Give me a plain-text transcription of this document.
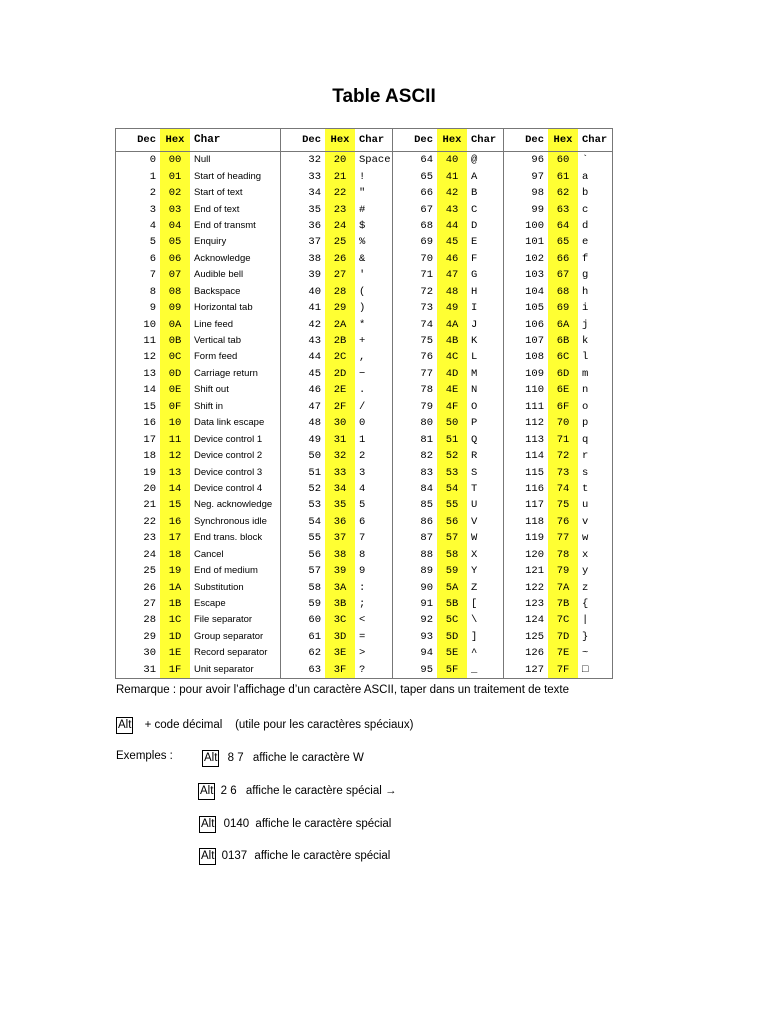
Table ASCII
Dec	Hex	Char
0	00	Null
1	01	Start of heading
2	02	Start of text
3	03	End of text
4	04	End of transmt
5	05	Enquiry
6	06	Acknowledge
7	07	Audible bell
8	08	Backspace
9	09	Horizontal tab
10	0A	Line feed
11	0B	Vertical tab
12	0C	Form feed
13	0D	Carriage return
14	0E	Shift out
15	0F	Shift in
16	10	Data link escape
17	11	Device control 1
18	12	Device control 2
19	13	Device control 3
20	14	Device control 4
21	15	Neg. acknowledge
22	16	Synchronous idle
23	17	End trans. block
24	18	Cancel
25	19	End of medium
26	1A	Substitution
27	1B	Escape
28	1C	File separator
29	1D	Group separator
30	1E	Record separator
31	1F	Unit separator
Dec	Hex	Char
32	20	Space
33	21	!
34	22	"
35	23	#
36	24	$
37	25	%
38	26	&
39	27	'
40	28	(
41	29	)
42	2A	*
43	2B	+
44	2C	,
45	2D	−
46	2E	.
47	2F	/
48	30	0
49	31	1
50	32	2
51	33	3
52	34	4
53	35	5
54	36	6
55	37	7
56	38	8
57	39	9
58	3A	:
59	3B	;
60	3C	<
61	3D	=
62	3E	>
63	3F	?
Dec	Hex	Char
64	40	@
65	41	A
66	42	B
67	43	C
68	44	D
69	45	E
70	46	F
71	47	G
72	48	H
73	49	I
74	4A	J
75	4B	K
76	4C	L
77	4D	M
78	4E	N
79	4F	O
80	50	P
81	51	Q
82	52	R
83	53	S
84	54	T
85	55	U
86	56	V
87	57	W
88	58	X
89	59	Y
90	5A	Z
91	5B	[
92	5C	\
93	5D	]
94	5E	^
95	5F	_
Dec	Hex	Char
96	60	`
97	61	a
98	62	b
99	63	c
100	64	d
101	65	e
102	66	f
103	67	g
104	68	h
105	69	i
106	6A	j
107	6B	k
108	6C	l
109	6D	m
110	6E	n
111	6F	o
112	70	p
113	71	q
114	72	r
115	73	s
116	74	t
117	75	u
118	76	v
119	77	w
120	78	x
121	79	y
122	7A	z
123	7B	{
124	7C	|
125	7D	}
126	7E	~
127	7F	□
Remarque : pour avoir l’affichage d’un caractère ASCII, taper dans un traitement de texte
Alt + code décimal    (utile pour les caractères spéciaux)
Exemples :	Alt 8 7 affiche le caractère W
Alt 2 6 affiche le caractère spécial →
Alt 0140 affiche le caractère spécial
Alt 0137 affiche le caractère spécial
